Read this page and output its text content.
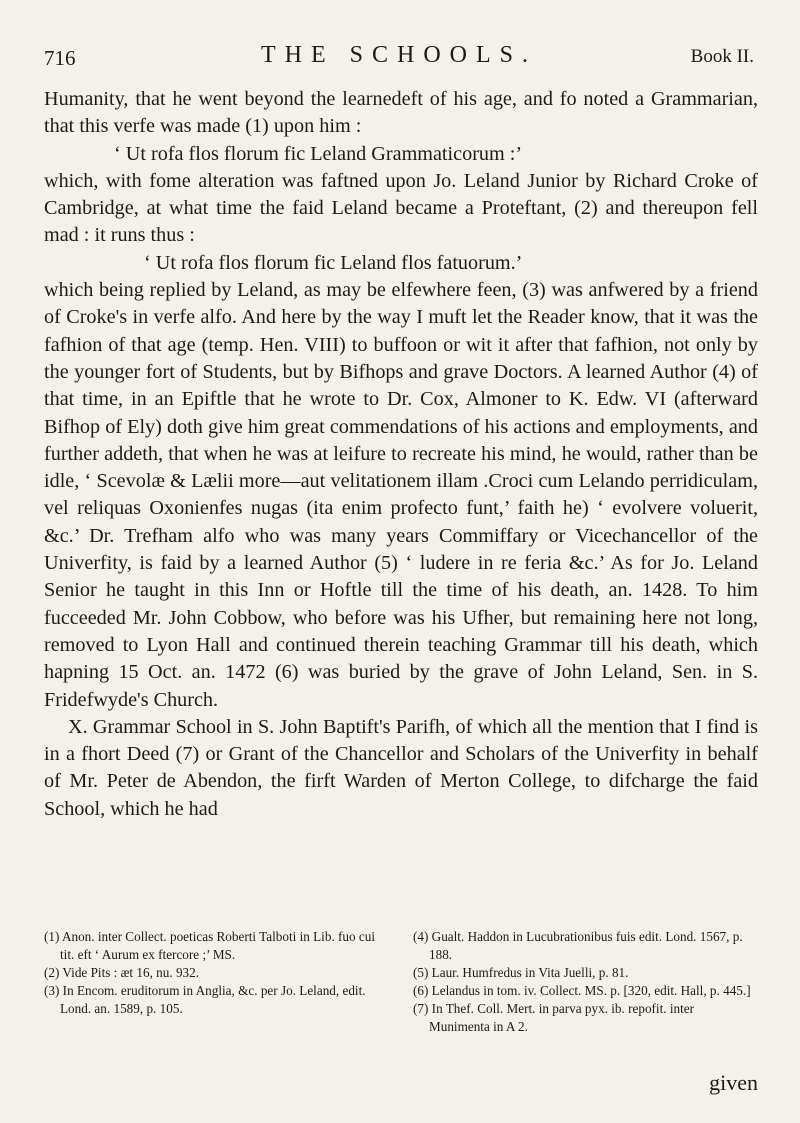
716	THE SCHOOLS.	Book II.

Humanity, that he went beyond the learnedeft of his age, and fo noted a Grammarian, that this verfe was made (1) upon him :

‘ Ut rofa flos florum fic Leland Grammaticorum :’

which, with fome alteration was faftned upon Jo. Leland Junior by Richard Croke of Cambridge, at what time the faid Leland became a Proteftant, (2) and thereupon fell mad : it runs thus :

‘ Ut rofa flos florum fic Leland flos fatuorum.’

which being replied by Leland, as may be elfewhere feen, (3) was anfwered by a friend of Croke's in verfe alfo. And here by the way I muft let the Reader know, that it was the fafhion of that age (temp. Hen. VIII) to buffoon or wit it after that fafhion, not only by the younger fort of Students, but by Bifhops and grave Doctors. A learned Author (4) of that time, in an Epiftle that he wrote to Dr. Cox, Almoner to K. Edw. VI (afterward Bifhop of Ely) doth give him great commendations of his actions and employments, and further addeth, that when he was at leifure to recreate his mind, he would, rather than be idle, ‘ Scevolæ & Lælii more—aut velitationem illam .Croci cum Lelando perridiculam, vel reliquas Oxonienfes nugas (ita enim profecto funt,’ faith he) ‘ evolvere voluerit, &c.’ Dr. Trefham alfo who was many years Commiffary or Vicechancellor of the Univerfity, is faid by a learned Author (5) ‘ ludere in re feria &c.’ As for Jo. Leland Senior he taught in this Inn or Hoftle till the time of his death, an. 1428. To him fucceeded Mr. John Cobbow, who before was his Ufher, but remaining here not long, removed to Lyon Hall and continued therein teaching Grammar till his death, which hapning 15 Oct. an. 1472 (6) was buried by the grave of John Leland, Sen. in S. Fridefwyde's Church.

X. Grammar School in S. John Baptift's Parifh, of which all the mention that I find is in a fhort Deed (7) or Grant of the Chancellor and Scholars of the Univerfity in behalf of Mr. Peter de Abendon, the firft Warden of Merton College, to difcharge the faid School, which he had

(1) Anon. inter Collect. poeticas Roberti Talboti in Lib. fuo cui tit. eft ‘ Aurum ex ftercore ;’ MS.

(2) Vide Pits : æt 16, nu. 932.

(3) In Encom. eruditorum in Anglia, &c. per Jo. Leland, edit. Lond. an. 1589, p. 105.

(4) Gualt. Haddon in Lucubrationibus fuis edit. Lond. 1567, p. 188.

(5) Laur. Humfredus in Vita Juelli, p. 81.

(6) Lelandus in tom. iv. Collect. MS. p. [320, edit. Hall, p. 445.]

(7) In Thef. Coll. Mert. in parva pyx. ib. repofit. inter Munimenta in A 2.

given
